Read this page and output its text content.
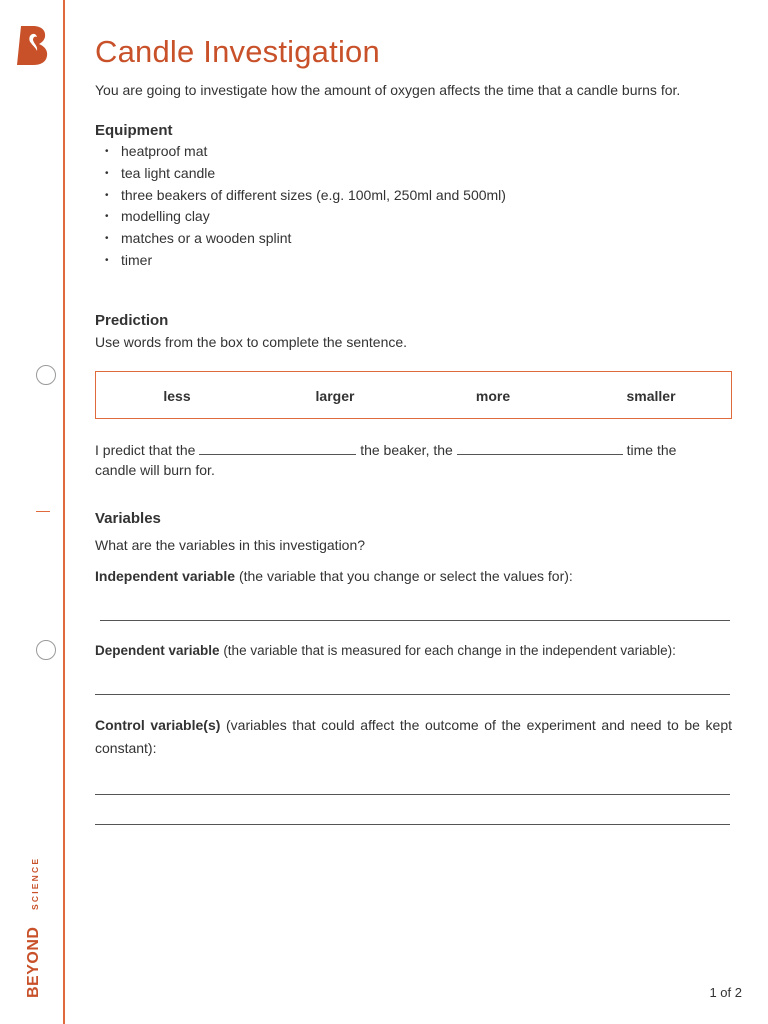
BEYOND
SCIENCE
1 of 2
Candle Investigation
You are going to investigate how the amount of oxygen affects the time that a candle burns for.
Equipment
• heatproof mat
• tea light candle
• three beakers of different sizes (e.g. 100ml, 250ml and 500ml)
• modelling clay
• matches or a wooden splint
• timer
Prediction
Use words from the box to complete the sentence.
less	larger	more	smaller
I predict that the	the beaker, the	time the
candle will burn for.
Variables
What are the variables in this investigation?
Independent variable (the variable that you change or select the values for):
Dependent variable (the variable that is measured for each change in the independent variable):
Control variable(s) (variables that could affect the outcome of the experiment and need to be kept constant):
